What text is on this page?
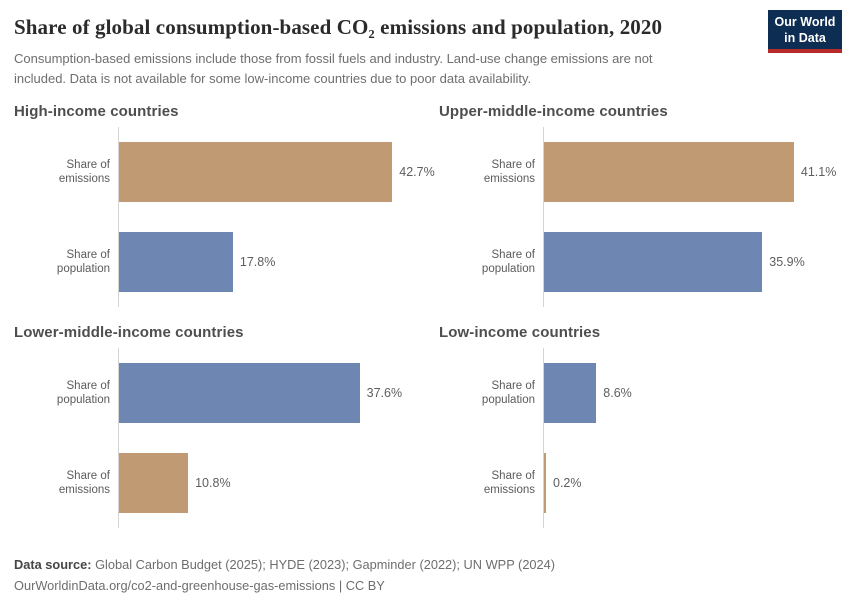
Share of global consumption-based CO₂ emissions and population, 2020

Consumption-based emissions include those from fossil fuels and industry. Land-use change emissions are not
included. Data is not available for some low-income countries due to poor data availability.

Our World
in Data
High-income countries
Share of emissions	42.7%
Share of population	17.8%
Upper-middle-income countries
Share of emissions	41.1%
Share of population	35.9%
Lower-middle-income countries
Share of population	37.6%
Share of emissions	10.8%
Low-income countries
Share of population	8.6%
Share of emissions	0.2%
Data source: Global Carbon Budget (2025); HYDE (2023); Gapminder (2022); UN WPP (2024)
OurWorldinData.org/co2-and-greenhouse-gas-emissions | CC BY
